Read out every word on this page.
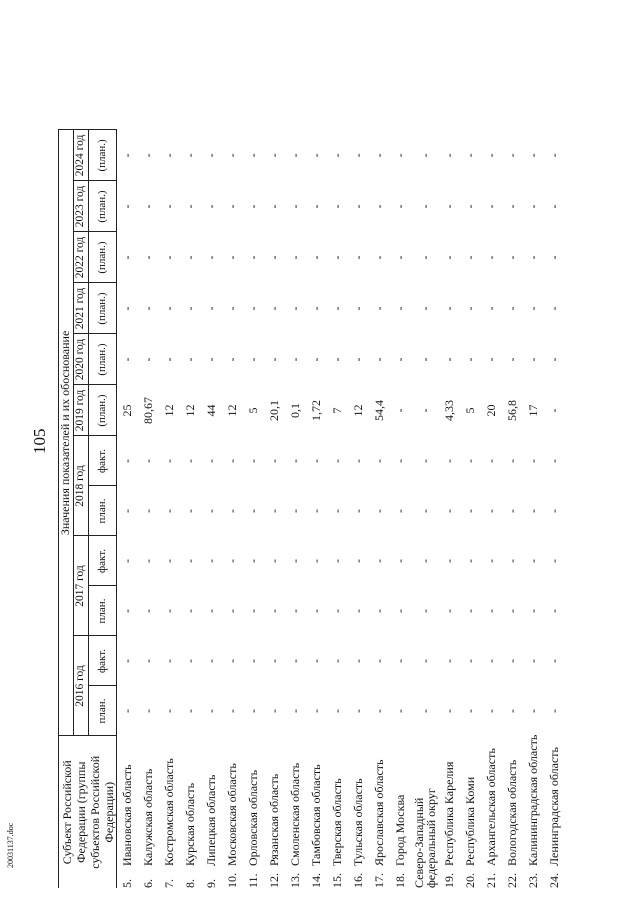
105
20031137.doc	Субъект Российской Федерации (группы субъектов Российской Федерации)	Значения показателей и их обоснование												
	2016 год		2017 год		2018 год		2019 год	2020 год	2021 год	2022 год	2023 год	2024 год	
	план.	факт.	план.	факт.	план.	факт.	(план.)	(план.)	(план.)	(план.)	(план.)	(план.)	
5.Ивановская область	-	-	-	-	-	-	25	-	-	-	-	-	
6.Калужская область	-	-	-	-	-	-	80,67	-	-	-	-	-	
7.Костромская область	-	-	-	-	-	-	12	-	-	-	-	-	
8.Курская область	-	-	-	-	-	-	12	-	-	-	-	-	
9.Липецкая область	-	-	-	-	-	-	44	-	-	-	-	-	
10.Московская область	-	-	-	-	-	-	12	-	-	-	-	-	
11.Орловская область	-	-	-	-	-	-	5	-	-	-	-	-	
12.Рязанская область	-	-	-	-	-	-	20,1	-	-	-	-	-	
13.Смоленская область	-	-	-	-	-	-	0,1	-	-	-	-	-	
14.Тамбовская область	-	-	-	-	-	-	1,72	-	-	-	-	-	
15.Тверская область	-	-	-	-	-	-	7	-	-	-	-	-	
16.Тульская область	-	-	-	-	-	-	12	-	-	-	-	-	
17.Ярославская область	-	-	-	-	-	-	54,4	-	-	-	-	-	
18.Город Москва	-	-	-	-	-	-	-	-	-	-	-	-	
Северо-Западный федеральный округ	-	-	-	-	-	-	-	-	-	-	-	-	
19.Республика Карелия	-	-	-	-	-	-	4,33	-	-	-	-	-	
20.Республика Коми	-	-	-	-	-	-	5	-	-	-	-	-	
21.Архангельская область	-	-	-	-	-	-	20	-	-	-	-	-	
22.Вологодская область	-	-	-	-	-	-	56,8	-	-	-	-	-	
23.Калининградская область	-	-	-	-	-	-	17	-	-	-	-	-	
24.Ленинградская область	-	-	-	-	-	-	-	-	-	-	-	-	
